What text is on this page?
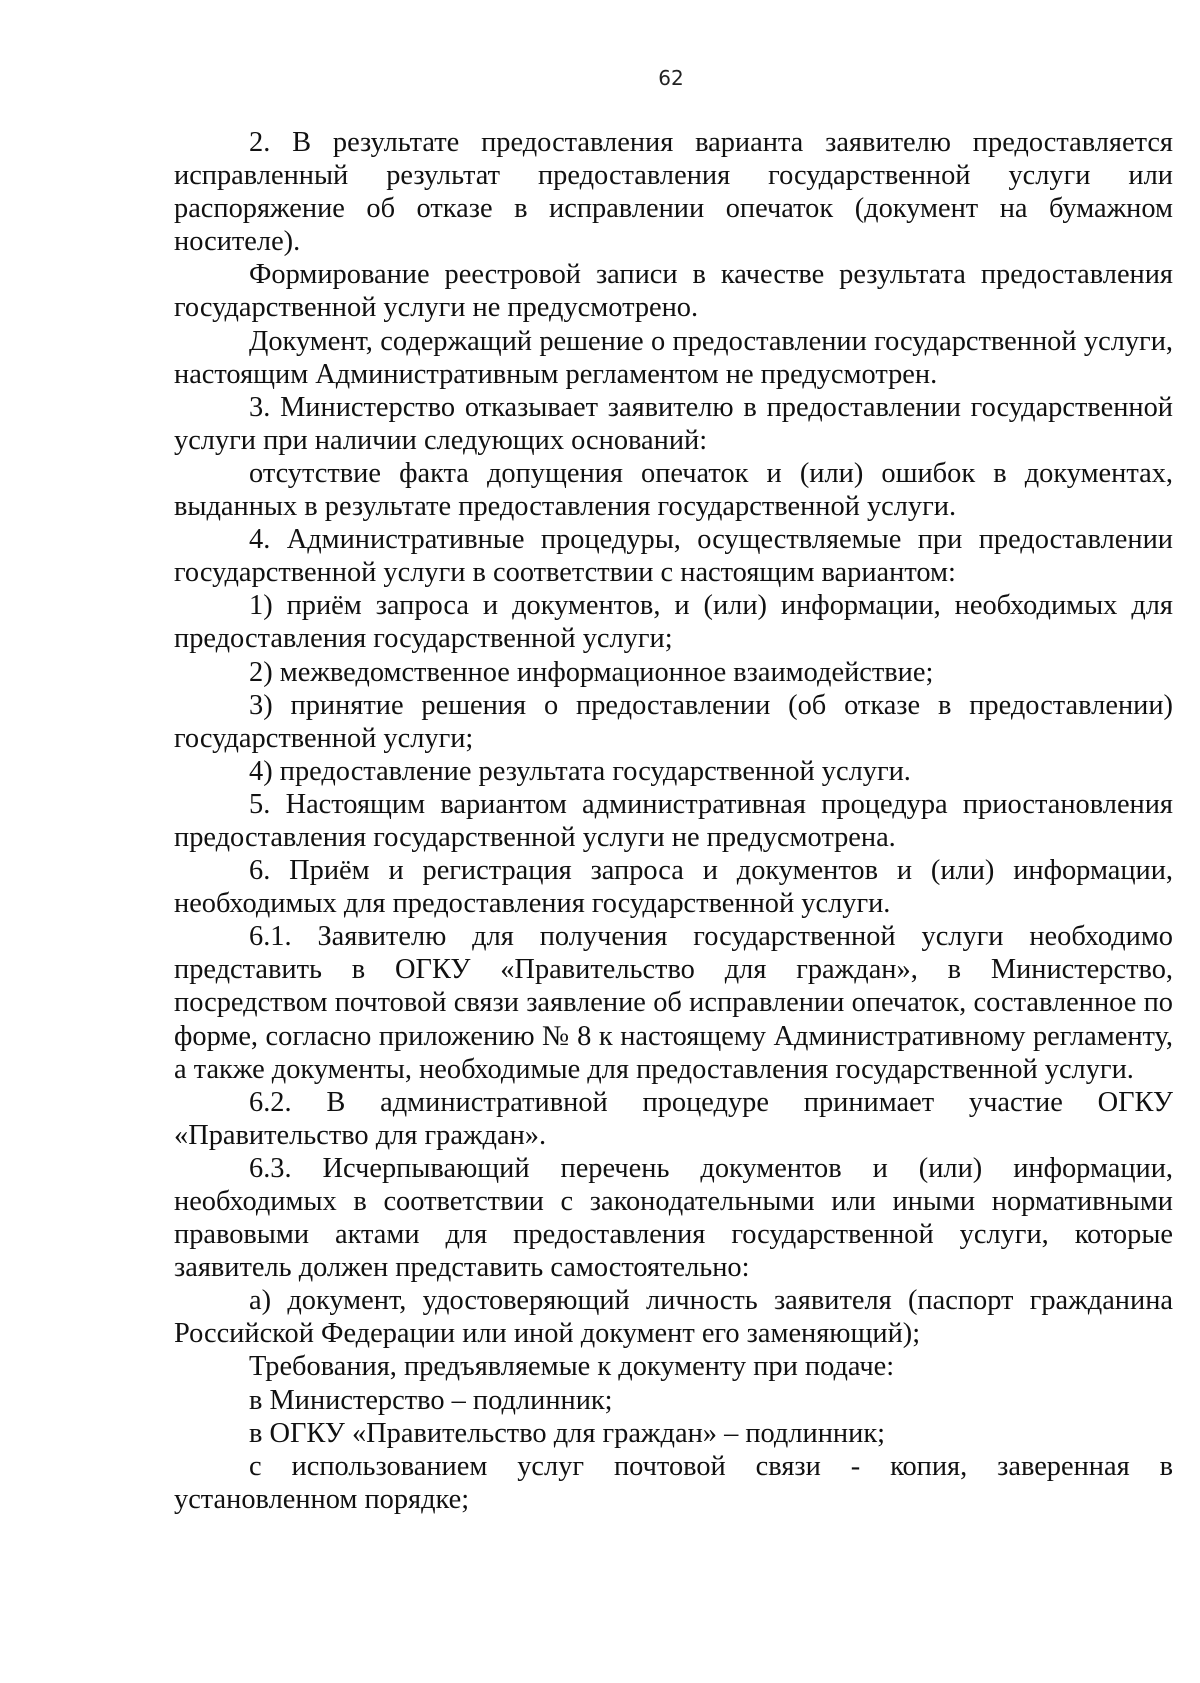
62

2. В результате предоставления варианта заявителю предоставляется исправленный результат предоставления государственной услуги или распоряжение об отказе в исправлении опечаток (документ на бумажном носителе).

Формирование реестровой записи в качестве результата предоставления государственной услуги не предусмотрено.

Документ, содержащий решение о предоставлении государственной услуги, настоящим Административным регламентом не предусмотрен.

3. Министерство отказывает заявителю в предоставлении государственной услуги при наличии следующих оснований:

отсутствие факта допущения опечаток и (или) ошибок в документах, выданных в результате предоставления государственной услуги.

4. Административные процедуры, осуществляемые при предоставлении государственной услуги в соответствии с настоящим вариантом:

1) приём запроса и документов, и (или) информации, необходимых для предоставления государственной услуги;

2) межведомственное информационное взаимодействие;

3) принятие решения о предоставлении (об отказе в предоставлении) государственной услуги;

4) предоставление результата государственной услуги.

5. Настоящим вариантом административная процедура приостановления предоставления государственной услуги не предусмотрена.

6. Приём и регистрация запроса и документов и (или) информации, необходимых для предоставления государственной услуги.

6.1. Заявителю для получения государственной услуги необходимо представить в ОГКУ «Правительство для граждан», в Министерство, посредством почтовой связи заявление об исправлении опечаток, составленное по форме, согласно приложению № 8 к настоящему Административному регламенту, а также документы, необходимые для предоставления государственной услуги.

6.2. В административной процедуре принимает участие ОГКУ «Правительство для граждан».

6.3. Исчерпывающий перечень документов и (или) информации, необходимых в соответствии с законодательными или иными нормативными правовыми актами для предоставления государственной услуги, которые заявитель должен представить самостоятельно:

а) документ, удостоверяющий личность заявителя (паспорт гражданина Российской Федерации или иной документ его заменяющий);

Требования, предъявляемые к документу при подаче:

в Министерство – подлинник;

в ОГКУ «Правительство для граждан» – подлинник;

с использованием услуг почтовой связи - копия, заверенная в установленном порядке;
